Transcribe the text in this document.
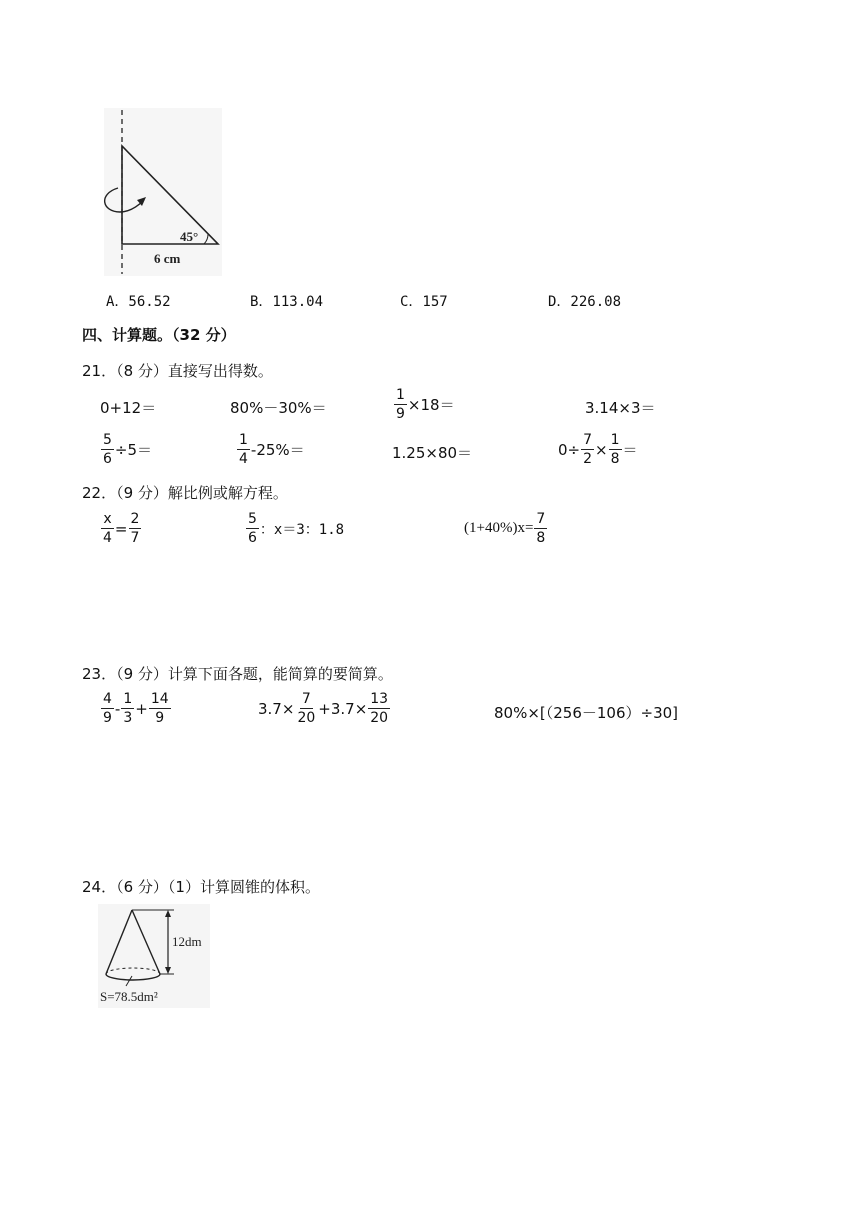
45°
6 cm
A．56.52	B．113.04	C．157	D．226.08
四、计算题。（32 分）
21．（8 分）直接写出得数。
0+12＝	80%－30%＝	$\frac{1}{9} \times 18=$	3.14×3＝
$\frac{5}{6} \div 5=$	$\frac{1}{4} -25\%=$	1.25×80＝	$0\div \frac{7}{2} \times \frac{1}{8}$ ＝
22．（9 分）解比例或解方程。
$\frac{x}{4} = \frac{2}{7}$	$\frac{5}{6}$ ：x＝3：1.8	$(1+40\%)x= \frac{7}{8}$
23．（9 分）计算下面各题，能简算的要简算。
$\frac{4}{9} - \frac{1}{3} + \frac{14}{9}$	$3.7\times \frac{7}{20} +3.7\times \frac{13}{20}$	80%×[（256－106）÷30]
24．（6 分）（1）计算圆锥的体积。
12dm
S=78.5dm²
